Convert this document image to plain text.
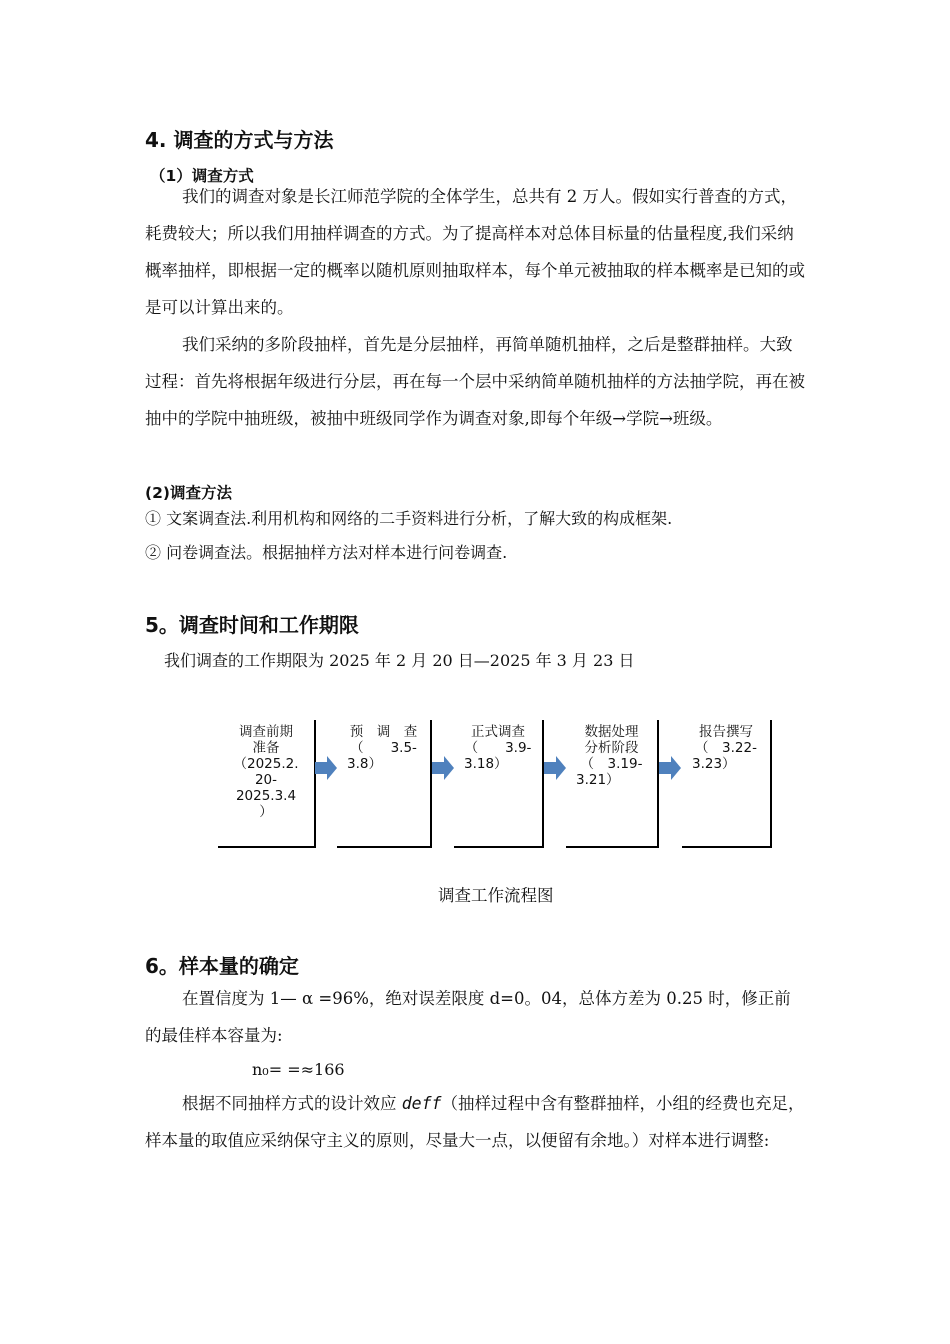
4. 调查的方式与方法
（1）调查方式

我们的调查对象是长江师范学院的全体学生，总共有 2 万人。假如实行普查的方式，耗费较大；所以我们用抽样调查的方式。为了提高样本对总体目标量的估量程度,我们采纳概率抽样，即根据一定的概率以随机原则抽取样本，每个单元被抽取的样本概率是已知的或是可以计算出来的。

我们采纳的多阶段抽样，首先是分层抽样，再简单随机抽样，之后是整群抽样。大致过程：首先将根据年级进行分层，再在每一个层中采纳简单随机抽样的方法抽学院，再在被抽中的学院中抽班级，被抽中班级同学作为调查对象,即每个年级→学院→班级。

(2)调查方法
① 文案调查法.利用机构和网络的二手资料进行分析，了解大致的构成框架.
② 问卷调查法。根据抽样方法对样本进行问卷调查.
5。调查时间和工作期限
我们调查的工作期限为 2025 年 2 月 20 日—2025 年 3 月 23 日
调查前期
准备
（2025.2.
20-
2025.3.4
）
预　调　查
（　　3.5-
3.8）
正式调查
（　　3.9-
3.18）
数据处理
分析阶段
（　3.19-
3.21）
报告撰写
（　3.22-
3.23）
调查工作流程图
6。样本量的确定

在置信度为 1— α =96%，绝对误差限度 d=0。04，总体方差为 0.25 时，修正前的最佳样本容量为:

n₀= =≈166

根据不同抽样方式的设计效应 deff（抽样过程中含有整群抽样，小组的经费也充足，样本量的取值应采纳保守主义的原则，尽量大一点，以便留有余地。）对样本进行调整:
